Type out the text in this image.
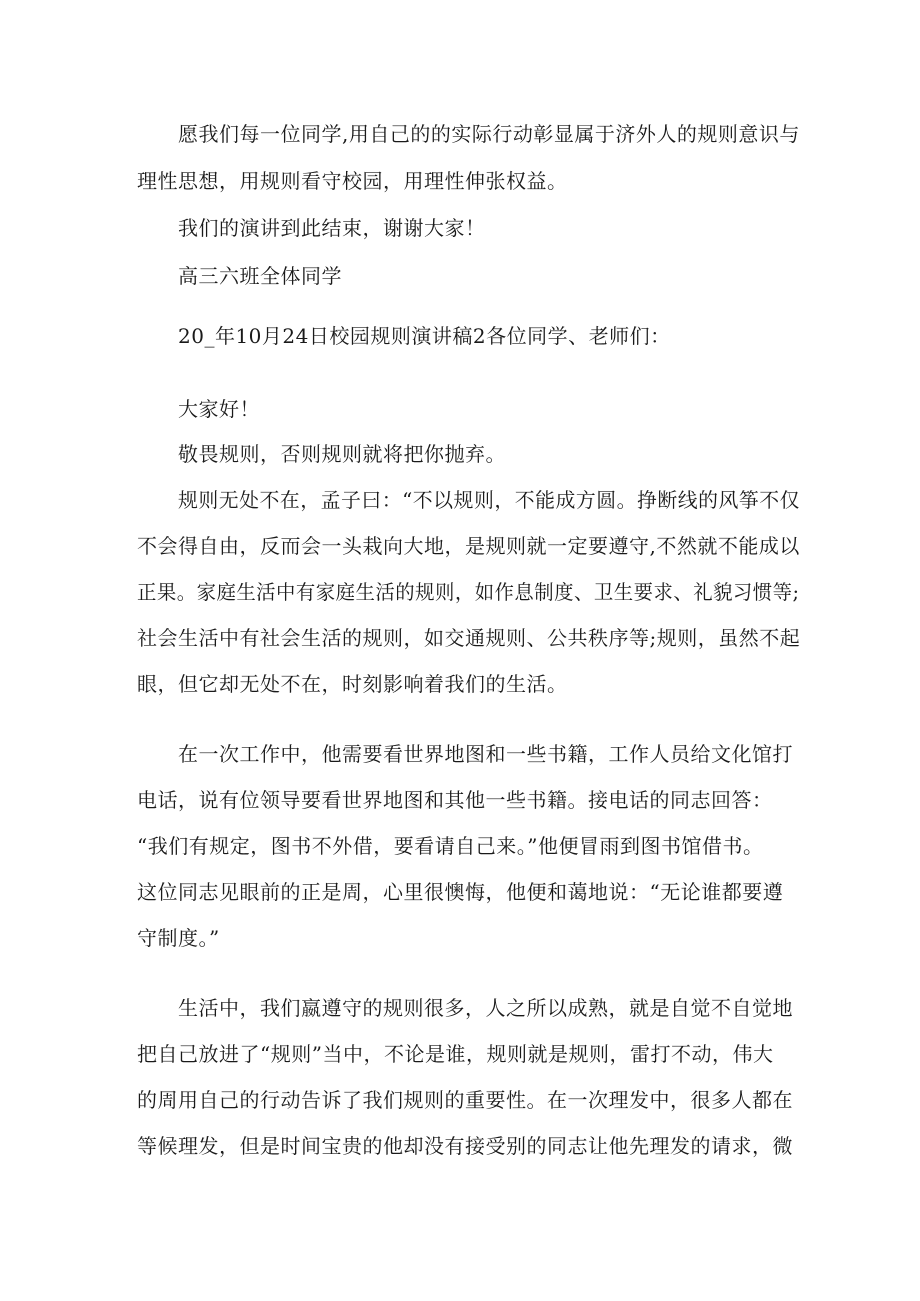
愿我们每一位同学,用自己的的实际行动彰显属于济外人的规则意识与

理性思想，用规则看守校园，用理性伸张权益。

我们的演讲到此结束，谢谢大家！

高三六班全体同学

20_年10月24日校园规则演讲稿2各位同学、老师们：

大家好！

敬畏规则，否则规则就将把你抛弃。

规则无处不在，孟子曰：“不以规则，不能成方圆。挣断线的风筝不仅

不会得自由，反而会一头栽向大地，是规则就一定要遵守,不然就不能成以

正果。家庭生活中有家庭生活的规则，如作息制度、卫生要求、礼貌习惯等;

社会生活中有社会生活的规则，如交通规则、公共秩序等;规则，虽然不起

眼，但它却无处不在，时刻影响着我们的生活。

在一次工作中，他需要看世界地图和一些书籍，工作人员给文化馆打

电话，说有位领导要看世界地图和其他一些书籍。接电话的同志回答：

“我们有规定，图书不外借，要看请自己来。”他便冒雨到图书馆借书。

这位同志见眼前的正是周，心里很懊悔，他便和蔼地说：“无论谁都要遵

守制度。”

生活中，我们嬴遵守的规则很多，人之所以成熟，就是自觉不自觉地

把自己放进了“规则”当中，不论是谁，规则就是规则，雷打不动，伟大

的周用自己的行动告诉了我们规则的重要性。在一次理发中，很多人都在

等候理发，但是时间宝贵的他却没有接受别的同志让他先理发的请求，微
